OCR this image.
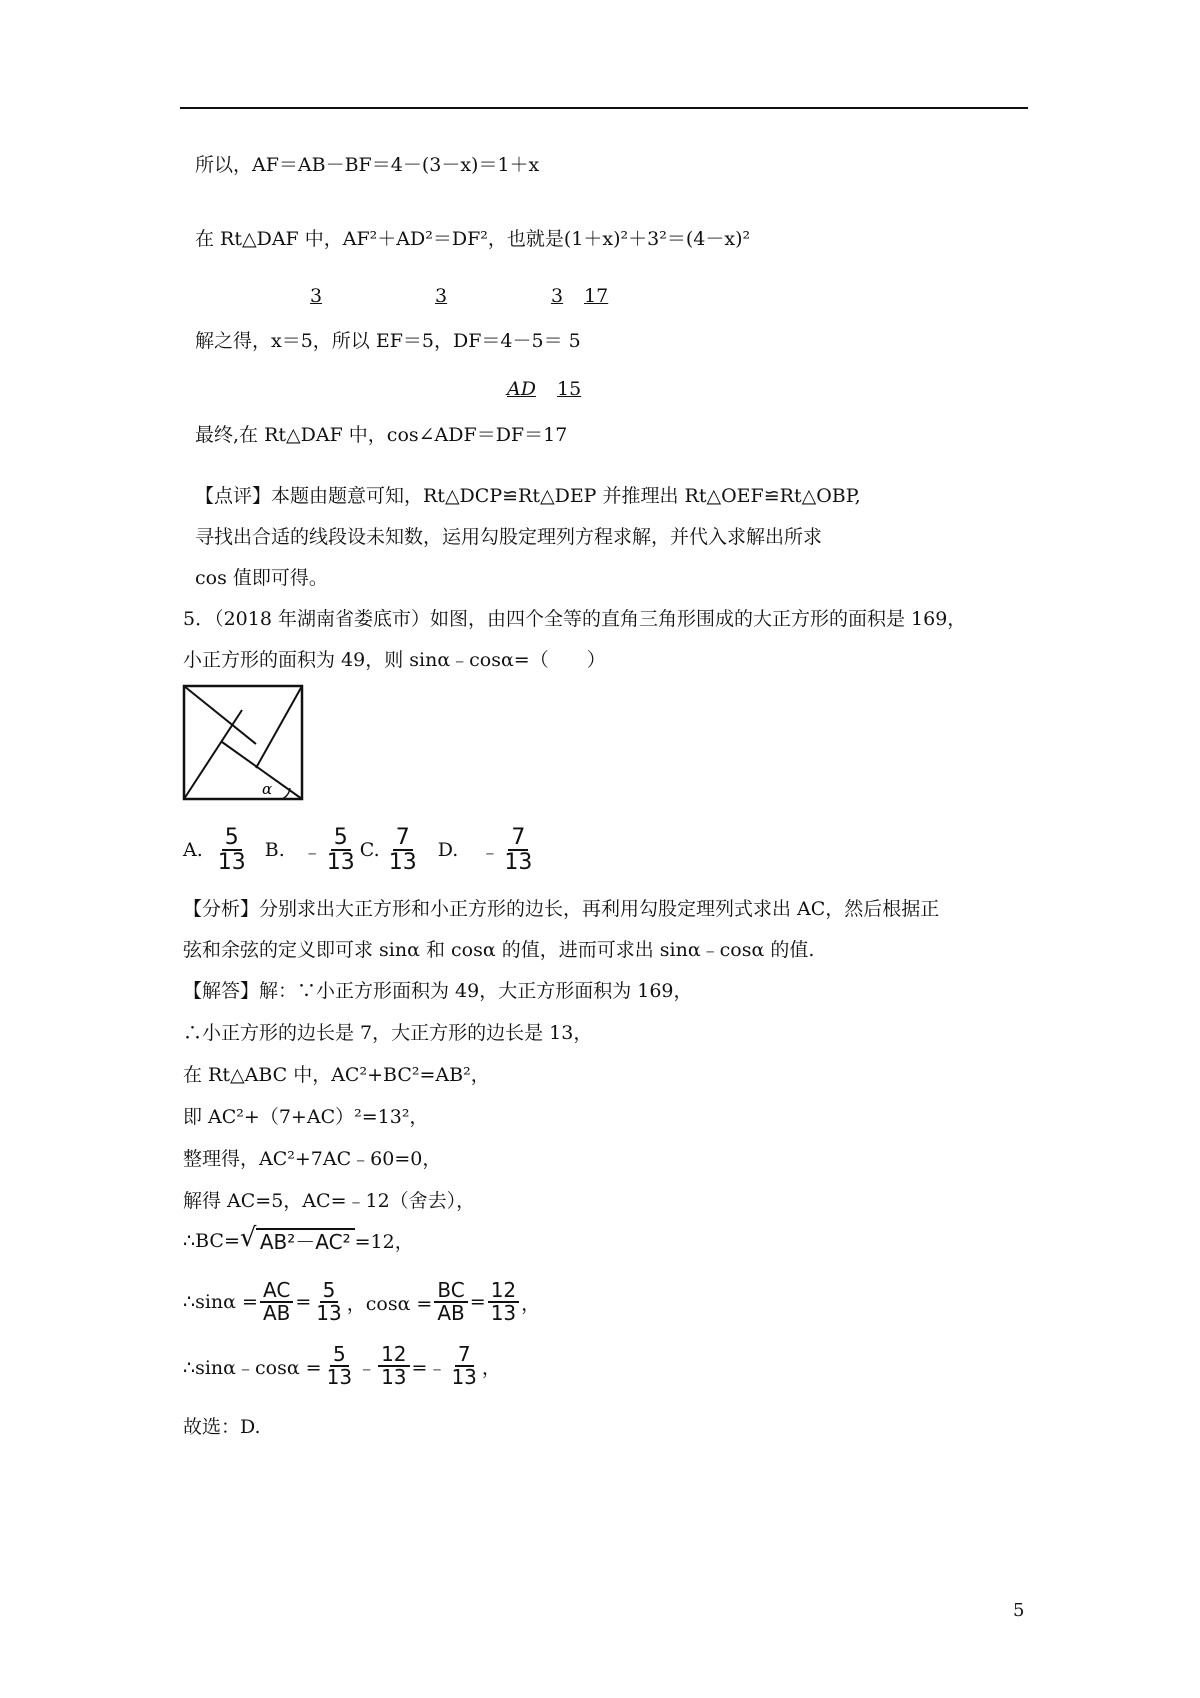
所以，AF＝AB－BF＝4－(3－x)＝1＋x
在 Rt△DAF 中，AF²＋AD²＝DF²，也就是(1＋x)²＋3²＝(4－x)²
3	3	3 17
解之得，x＝5，所以 EF＝5，DF＝4－5＝ 5
AD 15
最终,在 Rt△DAF 中，cos∠ADF＝DF＝17
【点评】本题由题意可知，Rt△DCP≌Rt△DEP 并推理出 Rt△OEF≌Rt△OBP,
寻找出合适的线段设未知数，运用勾股定理列方程求解，并代入求解出所求
cos 值即可得。
5．（2018 年湖南省娄底市）如图，由四个全等的直角三角形围成的大正方形的面积是 169，
小正方形的面积为 49，则 sinα﹣cosα=（　　）
α
A. $\frac{5}{13} B$. ﹣ $\frac{5}{13} C$. $\frac{7}{13} D$. ﹣ $\frac{7}{13}$
【分析】分别求出大正方形和小正方形的边长，再利用勾股定理列式求出 AC，然后根据正
弦和余弦的定义即可求 sinα 和 cosα 的值，进而可求出 sinα﹣cosα 的值.
【解答】解：∵小正方形面积为 49，大正方形面积为 169，
∴小正方形的边长是 7，大正方形的边长是 13，
在 Rt△ABC 中，AC²+BC²=AB²，
即 AC²+（7+AC）²=13²，
整理得，AC²+7AC﹣60=0，
解得 AC=5，AC=﹣12（舍去），
∴BC= √ AB²－AC² =12，
∴sinα = $\frac{AC}{AB} = \frac{5}{13}$ ，$\cos\alpha = \frac{BC}{AB} = \frac{12}{13}$ ，
∴sinα﹣cosα = $\frac{5}{13}$ ﹣ $\frac{12}{13}$ =﹣ $\frac{7}{13}$ ，
故选：D.
5
